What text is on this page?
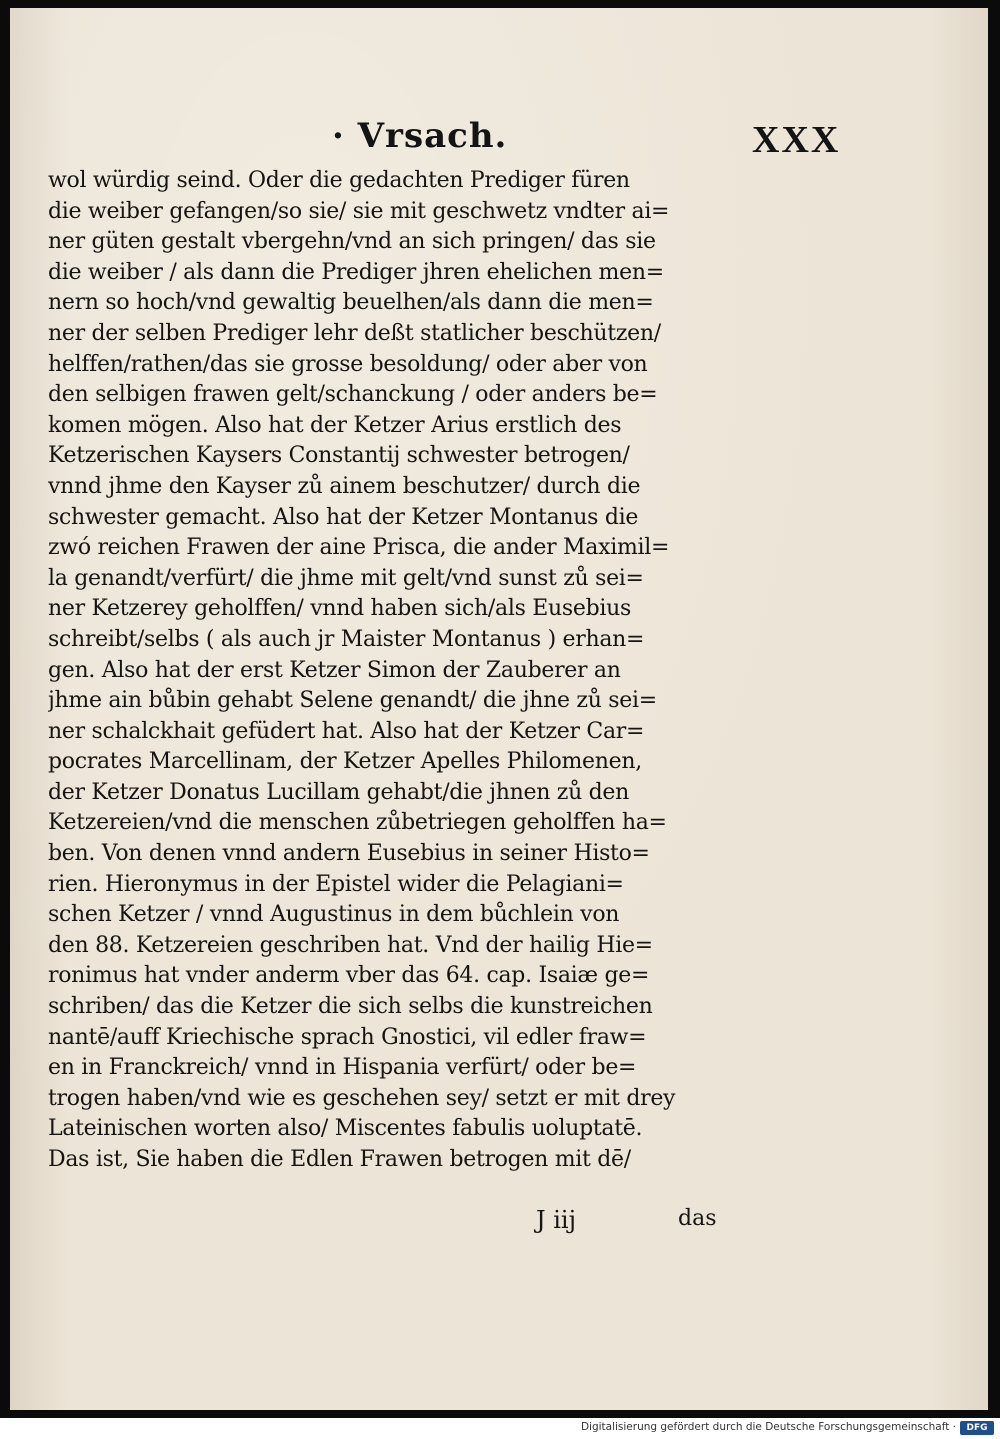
· Vrsach.	XXX
wol würdig seind. Oder die gedachten Prediger füren
die weiber gefangen/so sie/ sie mit geschwetz vndter ai=
ner güten gestalt vbergehn/vnd an sich pringen/ das sie
die weiber / als dann die Prediger jhren ehelichen men=
nern so hoch/vnd gewaltig beuelhen/als dann die men=
ner der selben Prediger lehr deßt statlicher beschützen/
helffen/rathen/das sie grosse besoldung/ oder aber von
den selbigen frawen gelt/schanckung / oder anders be=
komen mögen. Also hat der Ketzer Arius erstlich des
Ketzerischen Kaysers Constantij schwester betrogen/
vnnd jhme den Kayser zů ainem beschutzer/ durch die
schwester gemacht. Also hat der Ketzer Montanus die
zwó reichen Frawen der aine Prisca, die ander Maximil=
la genandt/verfürt/ die jhme mit gelt/vnd sunst zů sei=
ner Ketzerey geholffen/ vnnd haben sich/als Eusebius
schreibt/selbs ( als auch jr Maister Montanus ) erhan=
gen. Also hat der erst Ketzer Simon der Zauberer an
jhme ain bůbin gehabt Selene genandt/ die jhne zů sei=
ner schalckhait gefüdert hat. Also hat der Ketzer Car=
pocrates Marcellinam, der Ketzer Apelles Philomenen,
der Ketzer Donatus Lucillam gehabt/die jhnen zů den
Ketzereien/vnd die menschen zůbetriegen geholffen ha=
ben. Von denen vnnd andern Eusebius in seiner Histo=
rien. Hieronymus in der Epistel wider die Pelagiani=
schen Ketzer / vnnd Augustinus in dem bůchlein von
den 88. Ketzereien geschriben hat. Vnd der hailig Hie=
ronimus hat vnder anderm vber das 64. cap. Isaiæ ge=
schriben/ das die Ketzer die sich selbs die kunstreichen
nantē/auff Kriechische sprach Gnostici, vil edler fraw=
en in Franckreich/ vnnd in Hispania verfürt/ oder be=
trogen haben/vnd wie es geschehen sey/ setzt er mit drey
Lateinischen worten also/ Miscentes fabulis uoluptatē.
Das ist, Sie haben die Edlen Frawen betrogen mit dē/
J iij	das
Digitalisierung gefördert durch die Deutsche Forschungsgemeinschaft ·	DFG
